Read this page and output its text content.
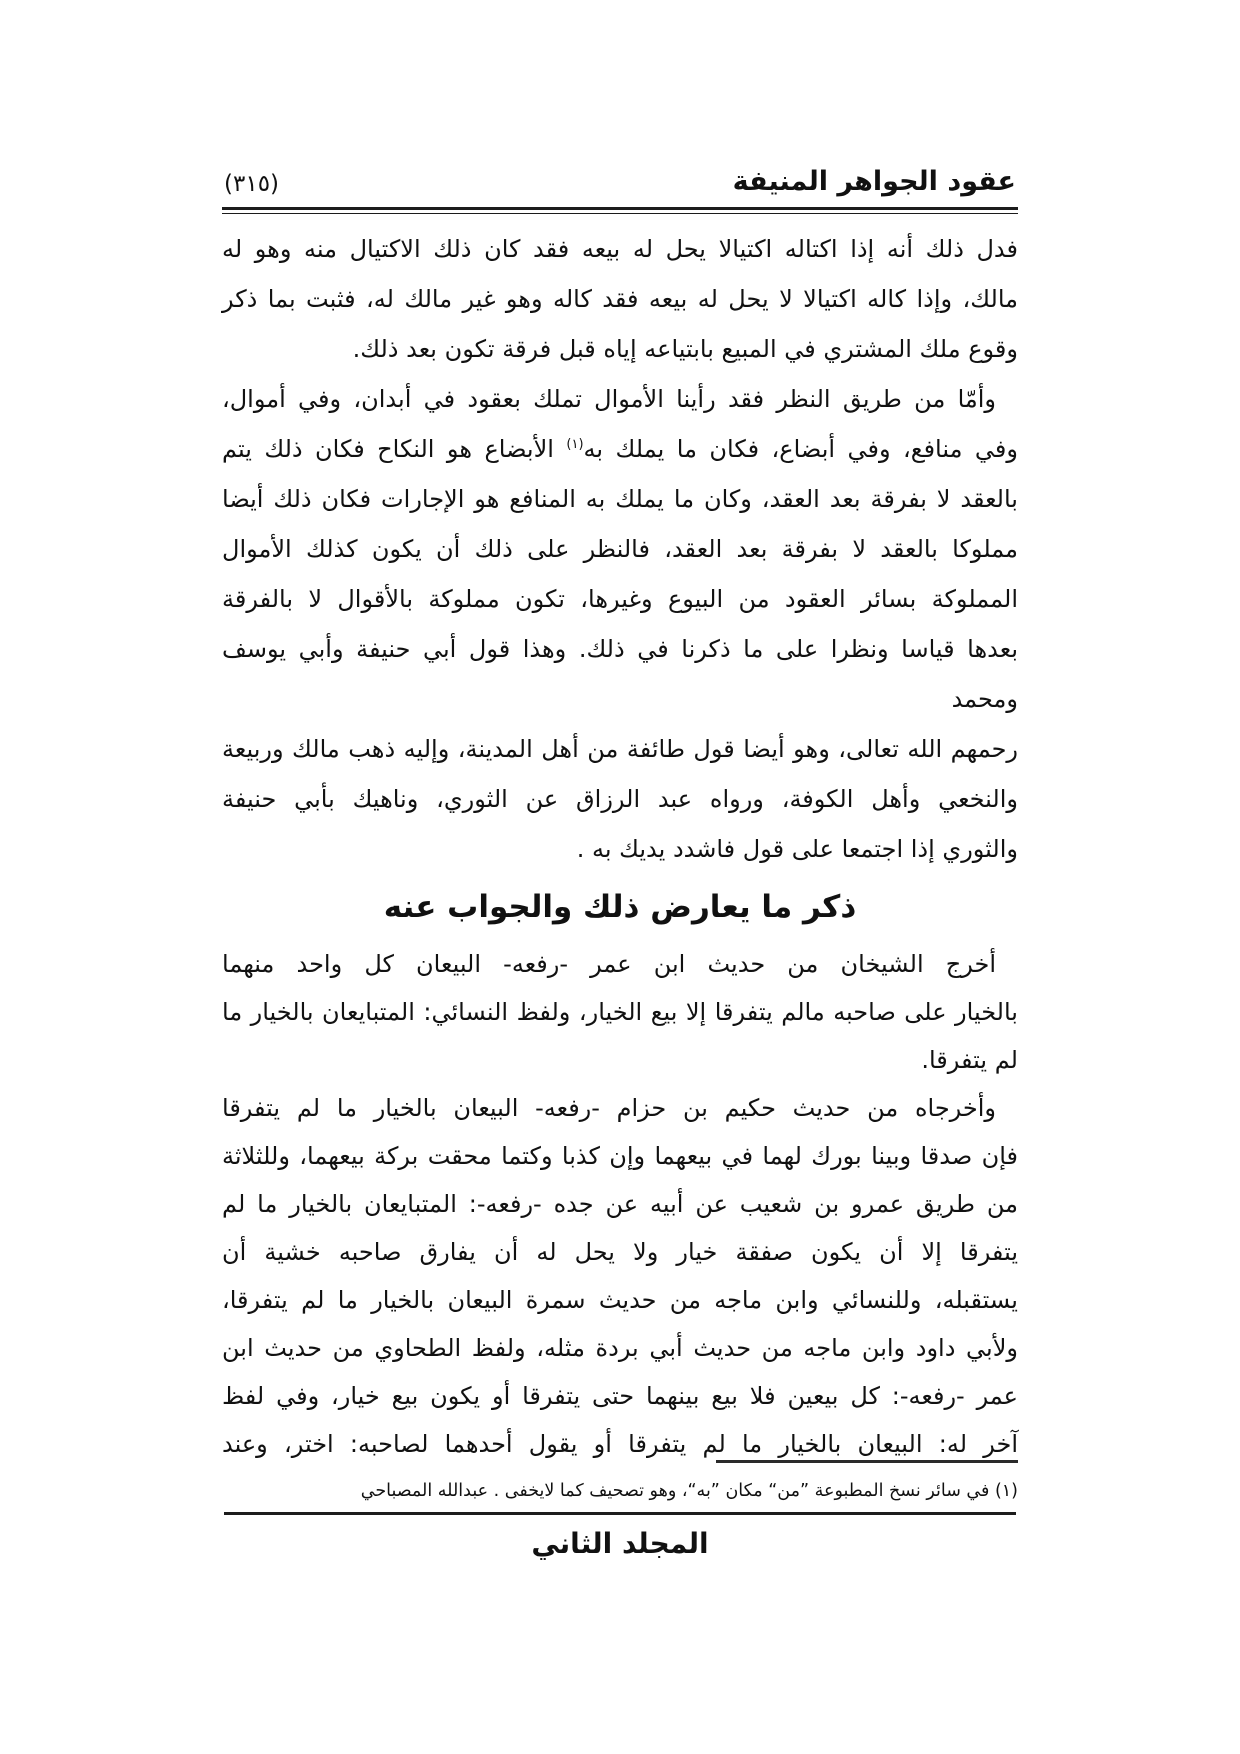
عقود الجواهر المنيفة
(٣١٥)
فدل ذلك أنه إذا اكتاله اكتيالا يحل له بيعه فقد كان ذلك الاكتيال منه وهو له
مالك، وإذا كاله اكتيالا لا يحل له بيعه فقد كاله وهو غير مالك له، فثبت بما ذكر
وقوع ملك المشتري في المبيع بابتياعه إياه قبل فرقة تكون بعد ذلك.
وأمّا من طريق النظر فقد رأينا الأموال تملك بعقود في أبدان، وفي أموال،
وفي منافع، وفي أبضاع، فكان ما يملك به$^{(١)}$ الأبضاع هو النكاح فكان ذلك يتم
بالعقد لا بفرقة بعد العقد، وكان ما يملك به المنافع هو الإجارات فكان ذلك أيضا
مملوكا بالعقد لا بفرقة بعد العقد، فالنظر على ذلك أن يكون كذلك الأموال
المملوكة بسائر العقود من البيوع وغيرها، تكون مملوكة بالأقوال لا بالفرقة
بعدها قياسا ونظرا على ما ذكرنا في ذلك. وهذا قول أبي حنيفة وأبي يوسف ومحمد
رحمهم الله تعالى، وهو أيضا قول طائفة من أهل المدينة، وإليه ذهب مالك وربيعة
والنخعي وأهل الكوفة، ورواه عبد الرزاق عن الثوري، وناهيك بأبي حنيفة
والثوري إذا اجتمعا على قول فاشدد يديك به .
ذكر ما يعارض ذلك والجواب عنه
أخرج الشيخان من حديث ابن عمر -رفعه- البيعان كل واحد منهما
بالخيار على صاحبه مالم يتفرقا إلا بيع الخيار، ولفظ النسائي: المتبايعان بالخيار ما
لم يتفرقا.
وأخرجاه من حديث حكيم بن حزام -رفعه- البيعان بالخيار ما لم يتفرقا
فإن صدقا وبينا بورك لهما في بيعهما وإن كذبا وكتما محقت بركة بيعهما، وللثلاثة
من طريق عمرو بن شعيب عن أبيه عن جده -رفعه-: المتبايعان بالخيار ما لم
يتفرقا إلا أن يكون صفقة خيار ولا يحل له أن يفارق صاحبه خشية أن
يستقبله، وللنسائي وابن ماجه من حديث سمرة البيعان بالخيار ما لم يتفرقا،
ولأبي داود وابن ماجه من حديث أبي بردة مثله، ولفظ الطحاوي من حديث ابن
عمر -رفعه-: كل بيعين فلا بيع بينهما حتى يتفرقا أو يكون بيع خيار، وفي لفظ
آخر له: البيعان بالخيار ما لم يتفرقا أو يقول أحدهما لصاحبه: اختر، وعند
(١) في سائر نسخ المطبوعة ”من“ مكان ”به“، وهو تصحيف كما لايخفى . عبدالله المصباحي
المجلد الثاني
